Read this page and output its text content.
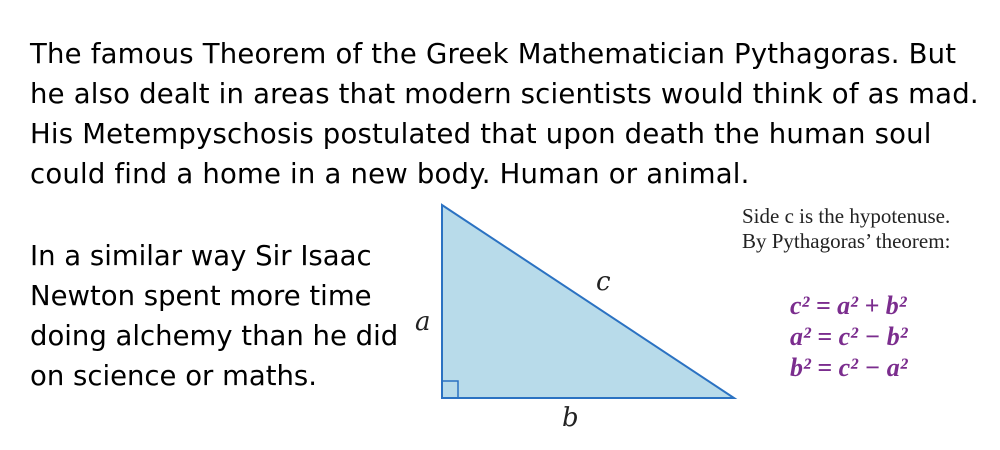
The famous Theorem of the Greek Mathematician Pythagoras. But he also dealt in areas that modern scientists would think of as mad. His Metempyschosis postulated that upon death the human soul could find a home in a new body. Human or animal.

In a similar way Sir Isaac Newton spent more time doing alchemy than he did on science or maths.

a
b
c
Side c is the hypotenuse.
By Pythagoras’ theorem:
c² = a² + b²
a² = c² − b²
b² = c² − a²
